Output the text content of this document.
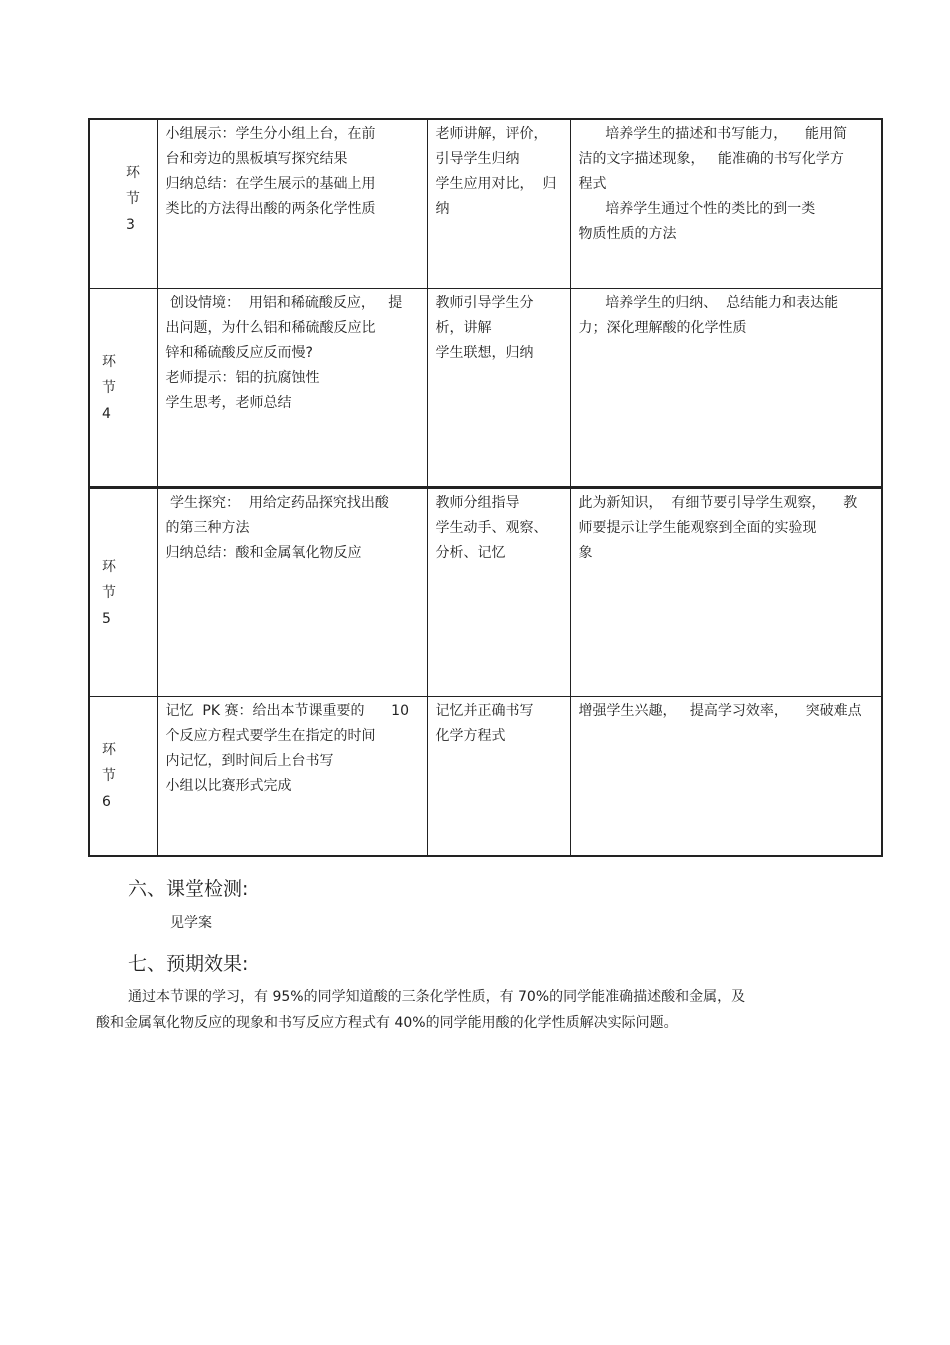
环
节
3	小组展示：学生分小组上台，在前
台和旁边的黑板填写探究结果
归纳总结：在学生展示的基础上用
类比的方法得出酸的两条化学性质	老师讲解，评价，
引导学生归纳
学生应用对比，  归
纳	培养学生的描述和书写能力，    能用简
洁的文字描述现象，   能准确的书写化学方
程式
培养学生通过个性的类比的到一类
物质性质的方法

环
节
4	创设情境：  用铝和稀硫酸反应，   提
出问题，为什么铝和稀硫酸反应比
锌和稀硫酸反应反而慢?
老师提示：铝的抗腐蚀性
学生思考，老师总结	教师引导学生分
析，讲解
学生联想，归纳	培养学生的归纳、  总结能力和表达能
力；深化理解酸的化学性质

环
节
5	学生探究：  用给定药品探究找出酸
的第三种方法
归纳总结：酸和金属氧化物反应	教师分组指导
学生动手、观察、
分析、记忆	此为新知识，  有细节要引导学生观察，    教
师要提示让学生能观察到全面的实验现
象

环
节
6	记忆  PK 赛：给出本节课重要的      10
个反应方程式要学生在指定的时间
内记忆，到时间后上台书写
小组以比赛形式完成	记忆并正确书写
化学方程式	增强学生兴趣，   提高学习效率，    突破难点
六、课堂检测:
见学案
七、预期效果:
通过本节课的学习，有 95%的同学知道酸的三条化学性质，有 70%的同学能准确描述酸和金属，及
酸和金属氧化物反应的现象和书写反应方程式有 40%的同学能用酸的化学性质解决实际问题。
